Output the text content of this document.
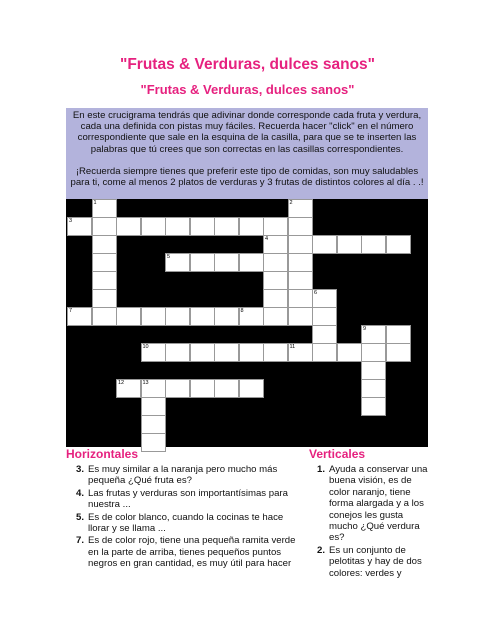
"Frutas & Verduras, dulces sanos"
"Frutas & Verduras, dulces sanos"

En este crucigrama tendrás que adivinar donde corresponde cada fruta y verdura, cada una definida con pistas muy fáciles. Recuerda hacer "click" en el número correspondiente que sale en la esquina de la casilla, para que se te inserten las palabras que tú crees que son correctas en las casillas correspondientes.

¡Recuerda siempre tienes que preferir este tipo de comidas, son muy saludables para ti, come al menos 2 platos de verduras y 3 frutas de distintos colores al día . .!

3
4
5
7	8
9
10	11
12	13
1	2
6
Horizontales
3. Es muy similar a la naranja pero mucho más pequeña ¿Qué fruta es?
4. Las frutas y verduras son importantísimas para nuestra ...
5. Es de color blanco, cuando la cocinas te hace llorar y se llama ...
7. Es de color rojo, tiene una pequeña ramita verde en la parte de arriba, tienes pequeños puntos negros en gran cantidad, es muy útil para hacer
Verticales
1. Ayuda a conservar una buena visión, es de color naranjo, tiene forma alargada y a los conejos les gusta mucho ¿Qué verdura es?
2. Es un conjunto de pelotitas y hay de dos colores: verdes y
